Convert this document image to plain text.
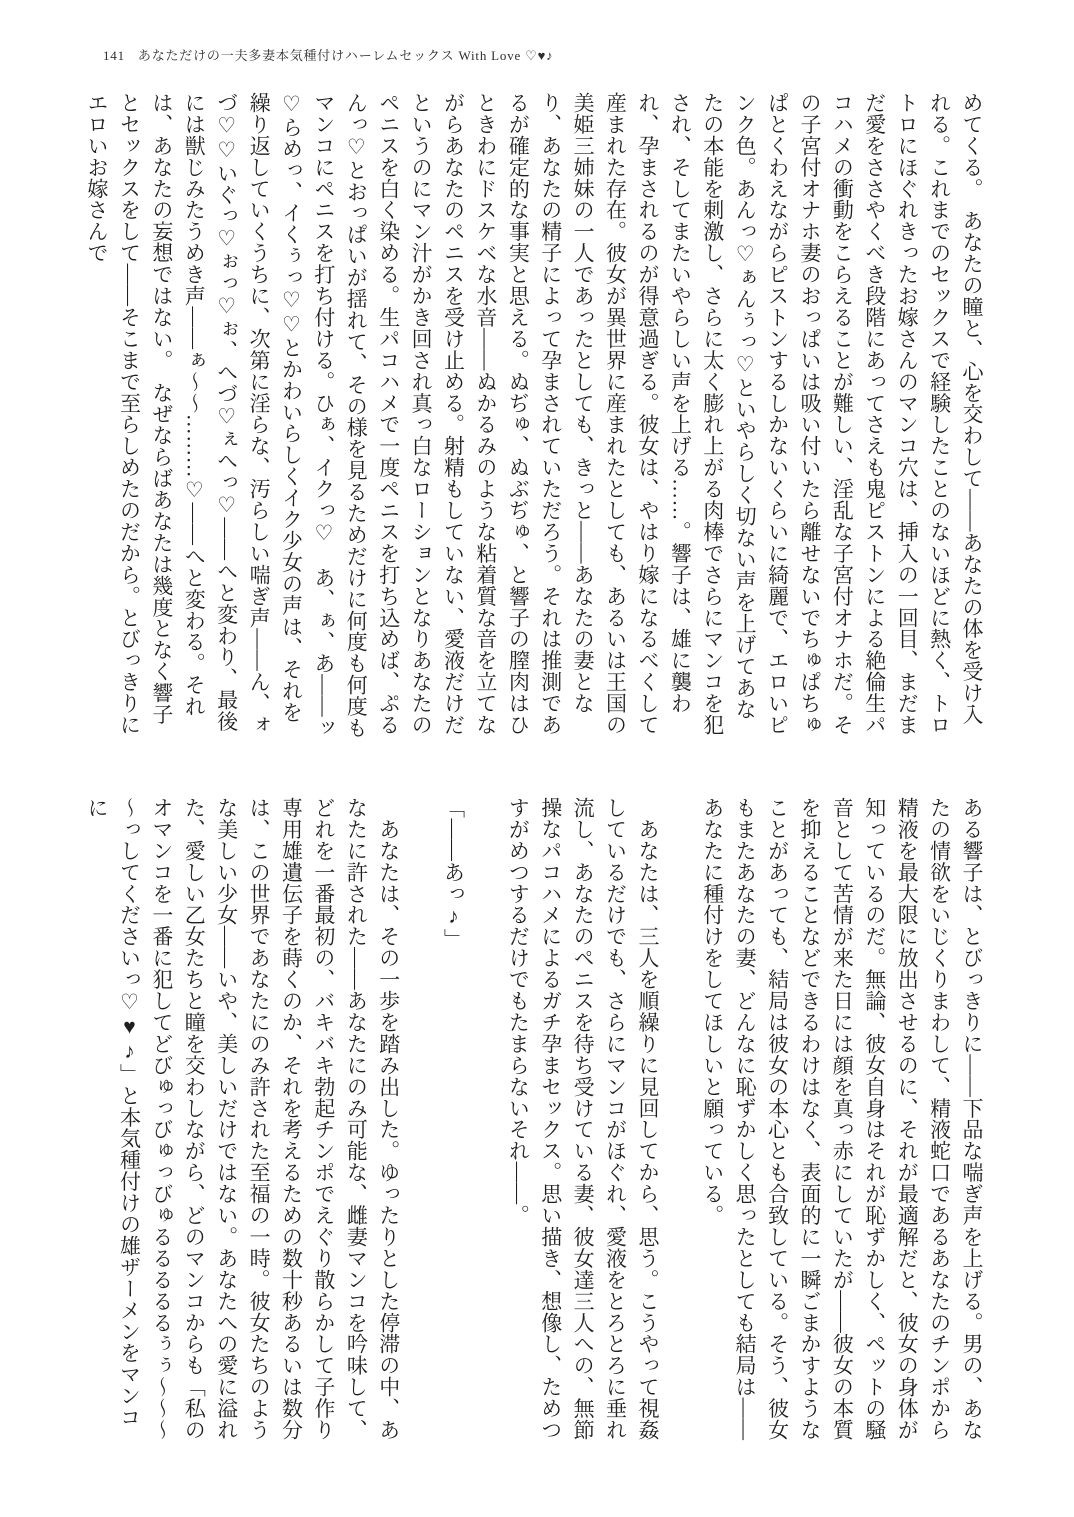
141 あなただけの一夫多妻本気種付けハーレムセックス With Love ♡♥♪

めてくる。　あなたの瞳と、心を交わして――あなたの体を受け入れる。これまでのセックスで経験したことのないほどに熱く、トロトロにほぐれきったお嫁さんのマンコ穴は、挿入の一回目、まだまだ愛をささやくべき段階にあってさえも鬼ピストンによる絶倫生パコハメの衝動をこらえることが難しい、淫乱な子宮付オナホだ。その子宮付オナホ妻のおっぱいは吸い付いたら離せないでちゅぱちゅぱとくわえながらピストンするしかないくらいに綺麗で、エロいピンク色。あんっ♡ぁんぅっ♡といやらしく切ない声を上げてあなたの本能を刺激し、さらに太く膨れ上がる肉棒でさらにマンコを犯され、そしてまたいやらしい声を上げる……。響子は、雄に襲われ、孕まされるのが得意過ぎる。彼女は、やはり嫁になるべくして産まれた存在。彼女が異世界に産まれたとしても、あるいは王国の美姫三姉妹の一人であったとしても、きっと――あなたの妻となり、あなたの精子によって孕まされていただろう。それは推測であるが確定的な事実と思える。ぬぢゅ、ぬぶぢゅ、と響子の膣肉はひときわにドスケベな水音――ぬかるみのような粘着質な音を立てながらあなたのペニスを受け止める。射精もしていない、愛液だけだというのにマン汁がかき回され真っ白なローションとなりあなたのペニスを白く染める。生パコハメで一度ペニスを打ち込めば、ぷるんっ♡とおっぱいが揺れて、その様を見るためだけに何度も何度もマンコにペニスを打ち付ける。ひぁ、イクっ♡　あ、ぁ、あ――ッ♡らめっ、イくぅっ♡♡とかわいらしくイク少女の声は、それを繰り返していくうちに、次第に淫らな、汚らしい喘ぎ声――ん、ォづ♡♡いぐっ♡ぉっ♡ぉ、へづ♡ぇへっ♡――へと変わり、最後には獣じみたうめき声――ぁ～～………♡――へと変わる。それは、あなたの妄想ではない。　なぜならばあなたは幾度となく響子とセックスをして――そこまで至らしめたのだから。とびっきりにエロいお嫁さんで

ある響子は、とびっきりに――下品な喘ぎ声を上げる。男の、あなたの情欲をいじくりまわして、精液蛇口であるあなたのチンポから精液を最大限に放出させるのに、それが最適解だと、彼女の身体が知っているのだ。無論、彼女自身はそれが恥ずかしく、ペットの騒音として苦情が来た日には顔を真っ赤にしていたが――彼女の本質を抑えることなどできるわけはなく、表面的に一瞬ごまかすようなことがあっても、結局は彼女の本心とも合致している。そう、彼女もまたあなたの妻、どんなに恥ずかしく思ったとしても結局は――あなたに種付けをしてほしいと願っている。

　あなたは、三人を順繰りに見回してから、思う。こうやって視姦しているだけでも、さらにマンコがほぐれ、愛液をとろとろに垂れ流し、あなたのペニスを待ち受けている妻、彼女達三人への、無節操なパコハメによるガチ孕まセックス。思い描き、想像し、ためつすがめつするだけでもたまらないそれ――。

「――あっ♪」

　あなたは、その一歩を踏み出した。ゆったりとした停滞の中、あなたに許された――あなたにのみ可能な、雌妻マンコを吟味して、どれを一番最初の、バキバキ勃起チンポでえぐり散らかして子作り専用雄遺伝子を蒔くのか、それを考えるための数十秒あるいは数分は、この世界であなたにのみ許された至福の一時。彼女たちのような美しい少女――いや、美しいだけではない。あなたへの愛に溢れた、愛しい乙女たちと瞳を交わしながら、どのマンコからも「私のオマンコを一番に犯してどびゅっびゅっびゅるるるるるぅぅ～～～～っしてくださいっ♡♥♪」と本気種付けの雄ザーメンをマンコに
